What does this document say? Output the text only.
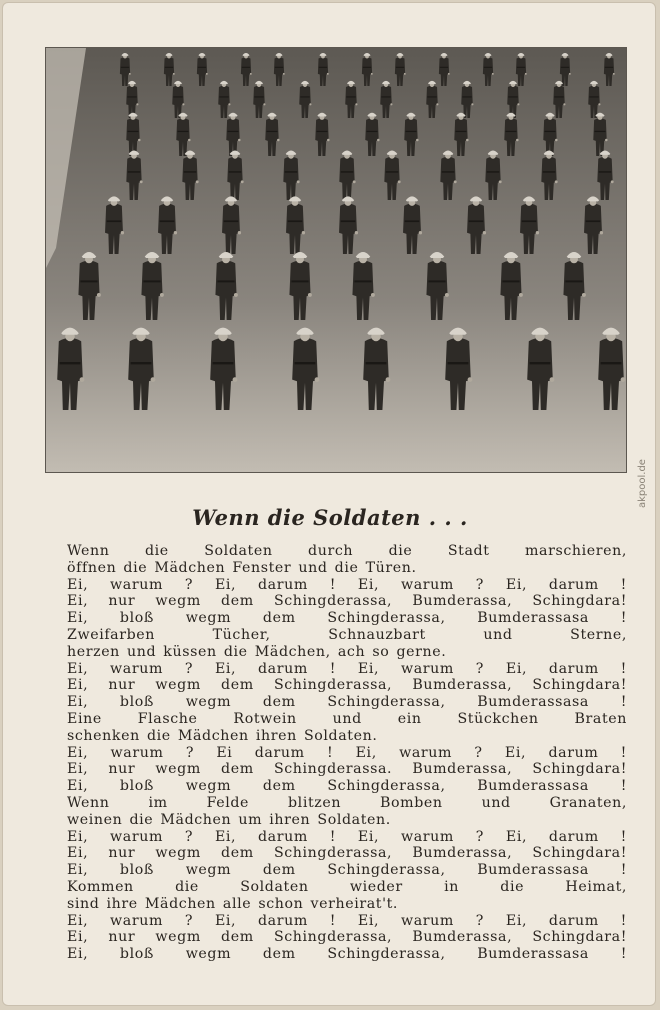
Wenn die Soldaten . . .
Wenn die Soldaten durch die Stadt marschieren,
öffnen die Mädchen Fenster und die Türen.
Ei, warum ? Ei, darum ! Ei, warum ? Ei, darum !
Ei, nur wegm dem Schingderassa, Bumderassa, Schingdara!
Ei, bloß wegm dem Schingderassa, Bumderassasa !
Zweifarben Tücher, Schnauzbart und Sterne,
herzen und küssen die Mädchen, ach so gerne.
Ei, warum ? Ei, darum ! Ei, warum ? Ei, darum !
Ei, nur wegm dem Schingderassa, Bumderassa, Schingdara!
Ei, bloß wegm dem Schingderassa, Bumderassasa !
Eine Flasche Rotwein und ein Stückchen Braten
schenken die Mädchen ihren Soldaten.
Ei, warum ? Ei darum ! Ei, warum ? Ei, darum !
Ei, nur wegm dem Schingderassa. Bumderassa, Schingdara!
Ei, bloß wegm dem Schingderassa, Bumderassasa !
Wenn im Felde blitzen Bomben und Granaten,
weinen die Mädchen um ihren Soldaten.
Ei, warum ? Ei, darum ! Ei, warum ? Ei, darum !
Ei, nur wegm dem Schingderassa, Bumderassa, Schingdara!
Ei, bloß wegm dem Schingderassa, Bumderassasa !
Kommen die Soldaten wieder in die Heimat,
sind ihre Mädchen alle schon verheirat't.
Ei, warum ? Ei, darum ! Ei, warum ? Ei, darum !
Ei, nur wegm dem Schingderassa, Bumderassa, Schingdara!
Ei, bloß wegm dem Schingderassa, Bumderassasa !
akpool.de
